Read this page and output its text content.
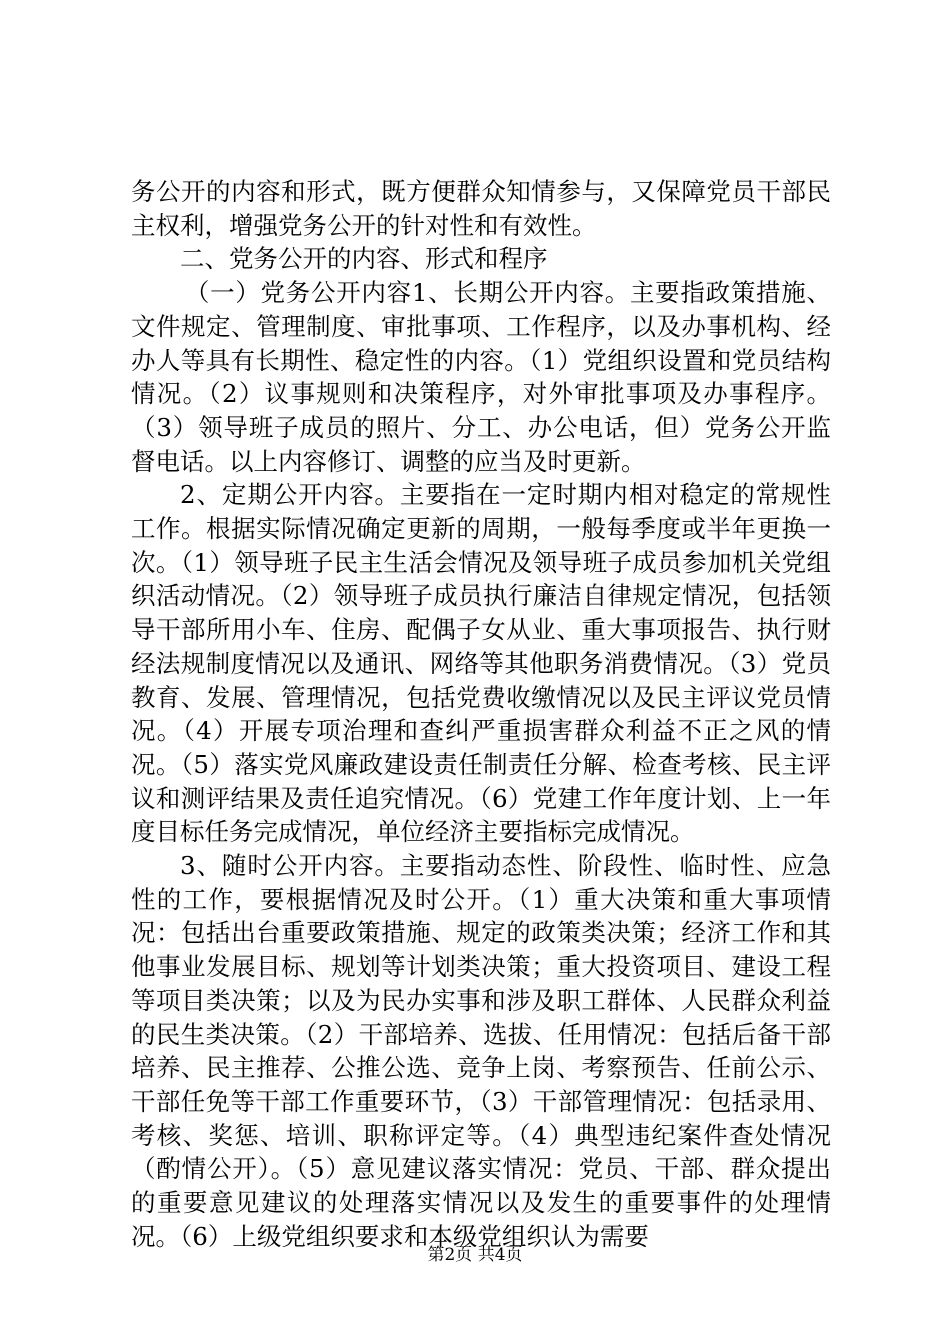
务公开的内容和形式，既方便群众知情参与，又保障党员干部民主权利，增强党务公开的针对性和有效性。

二、党务公开的内容、形式和程序

（一）党务公开内容1、长期公开内容。主要指政策措施、文件规定、管理制度、审批事项、工作程序，以及办事机构、经办人等具有长期性、稳定性的内容。（1）党组织设置和党员结构情况。（2）议事规则和决策程序，对外审批事项及办事程序。（3）领导班子成员的照片、分工、办公电话，但）党务公开监督电话。以上内容修订、调整的应当及时更新。

2、定期公开内容。主要指在一定时期内相对稳定的常规性工作。根据实际情况确定更新的周期，一般每季度或半年更换一次。（1）领导班子民主生活会情况及领导班子成员参加机关党组织活动情况。（2）领导班子成员执行廉洁自律规定情况，包括领导干部所用小车、住房、配偶子女从业、重大事项报告、执行财经法规制度情况以及通讯、网络等其他职务消费情况。（3）党员教育、发展、管理情况，包括党费收缴情况以及民主评议党员情况。（4）开展专项治理和查纠严重损害群众利益不正之风的情况。（5）落实党风廉政建设责任制责任分解、检查考核、民主评议和测评结果及责任追究情况。（6）党建工作年度计划、上一年度目标任务完成情况，单位经济主要指标完成情况。

3、随时公开内容。主要指动态性、阶段性、临时性、应急性的工作，要根据情况及时公开。（1）重大决策和重大事项情况：包括出台重要政策措施、规定的政策类决策；经济工作和其他事业发展目标、规划等计划类决策；重大投资项目、建设工程等项目类决策；以及为民办实事和涉及职工群体、人民群众利益的民生类决策。（2）干部培养、选拔、任用情况：包括后备干部培养、民主推荐、公推公选、竞争上岗、考察预告、任前公示、干部任免等干部工作重要环节，（3）干部管理情况：包括录用、考核、奖惩、培训、职称评定等。（4）典型违纪案件查处情况（酌情公开）。（5）意见建议落实情况：党员、干部、群众提出的重要意见建议的处理落实情况以及发生的重要事件的处理情况。（6）上级党组织要求和本级党组织认为需要

第2页 共4页
